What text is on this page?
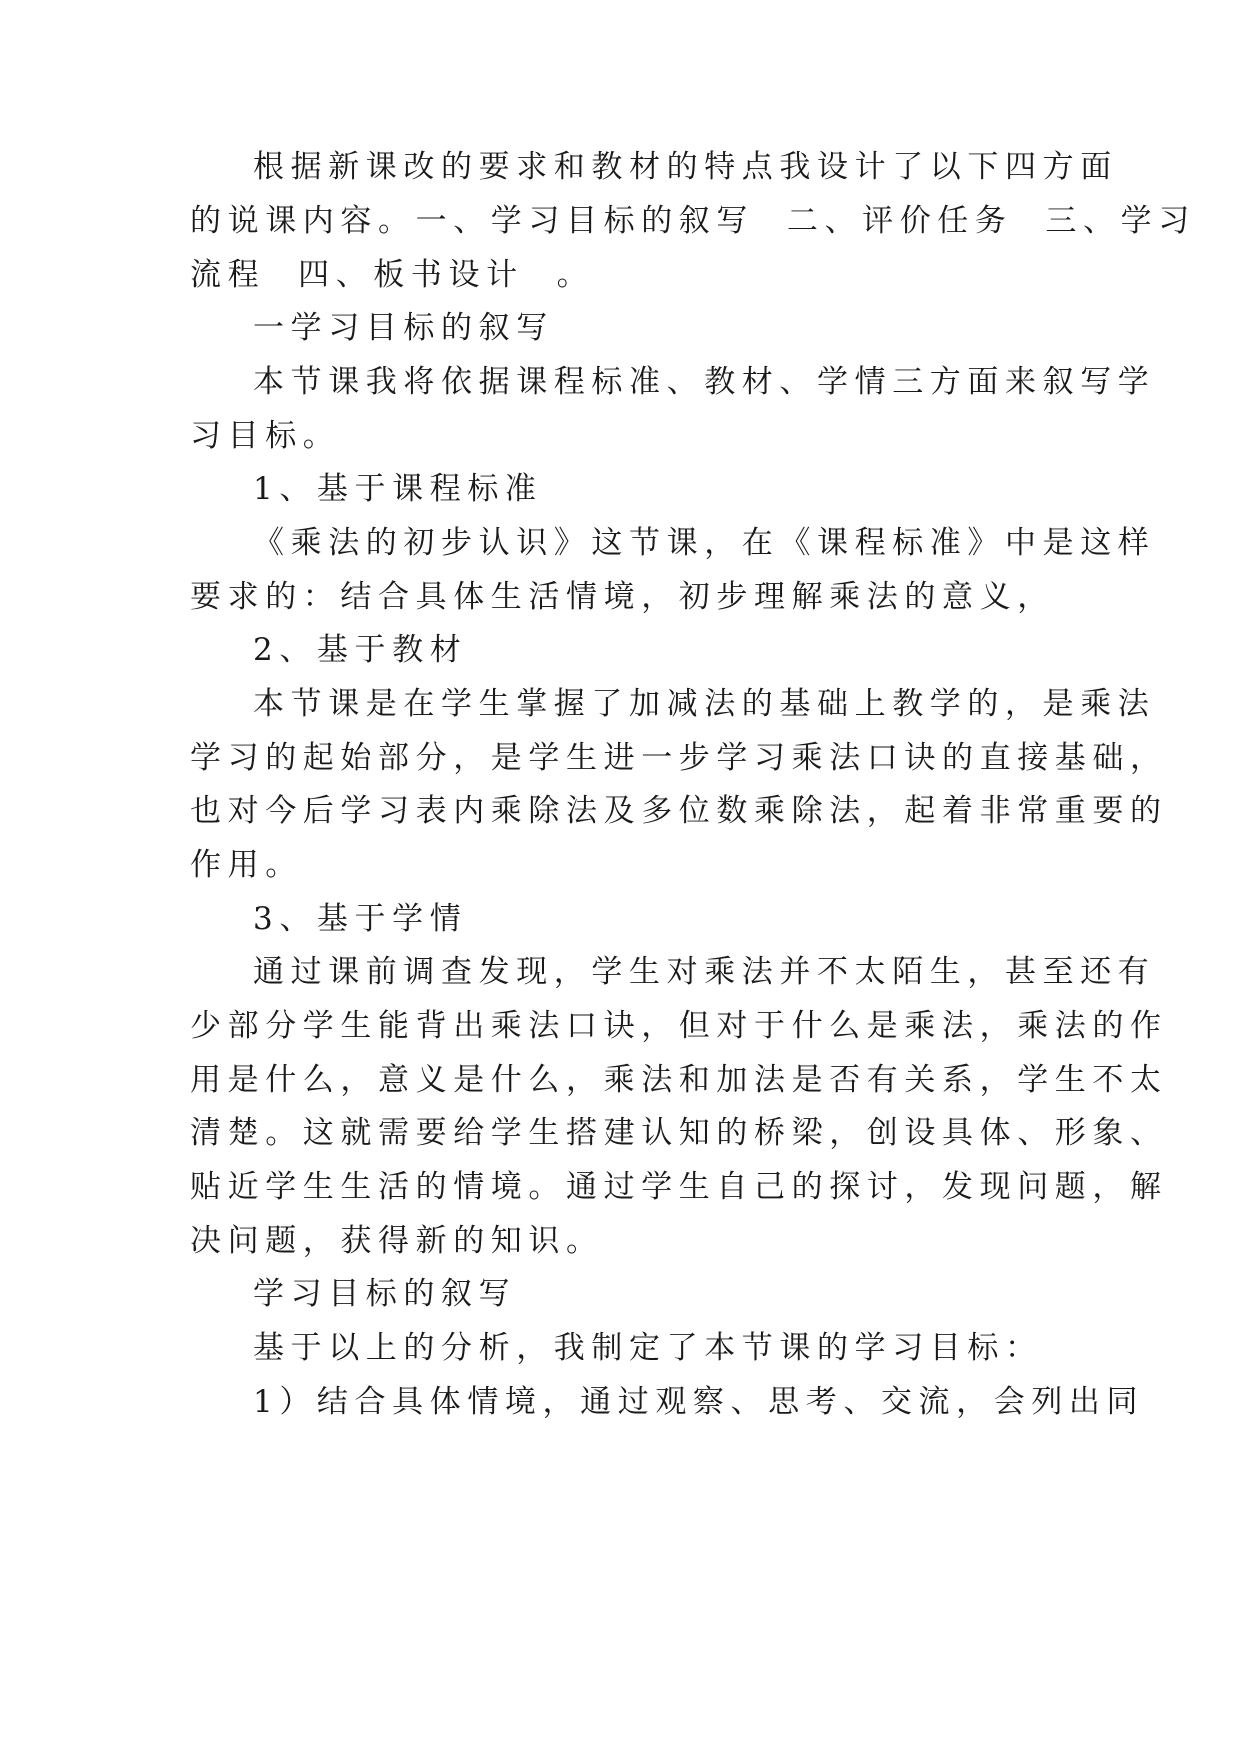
根据新课改的要求和教材的特点我设计了以下四方面
的说课内容。一、学习目标的叙写  二、评价任务  三、学习
流程  四、板书设计  。
一学习目标的叙写
本节课我将依据课程标准、教材、学情三方面来叙写学
习目标。
1、基于课程标准
《乘法的初步认识》这节课，在《课程标准》中是这样
要求的：结合具体生活情境，初步理解乘法的意义，
2、基于教材
本节课是在学生掌握了加减法的基础上教学的，是乘法
学习的起始部分，是学生进一步学习乘法口诀的直接基础，
也对今后学习表内乘除法及多位数乘除法，起着非常重要的
作用。
3、基于学情
通过课前调查发现，学生对乘法并不太陌生，甚至还有
少部分学生能背出乘法口诀，但对于什么是乘法，乘法的作
用是什么，意义是什么，乘法和加法是否有关系，学生不太
清楚。这就需要给学生搭建认知的桥梁，创设具体、形象、
贴近学生生活的情境。通过学生自己的探讨，发现问题，解
决问题，获得新的知识。
学习目标的叙写
基于以上的分析，我制定了本节课的学习目标：
1）结合具体情境，通过观察、思考、交流，会列出同
